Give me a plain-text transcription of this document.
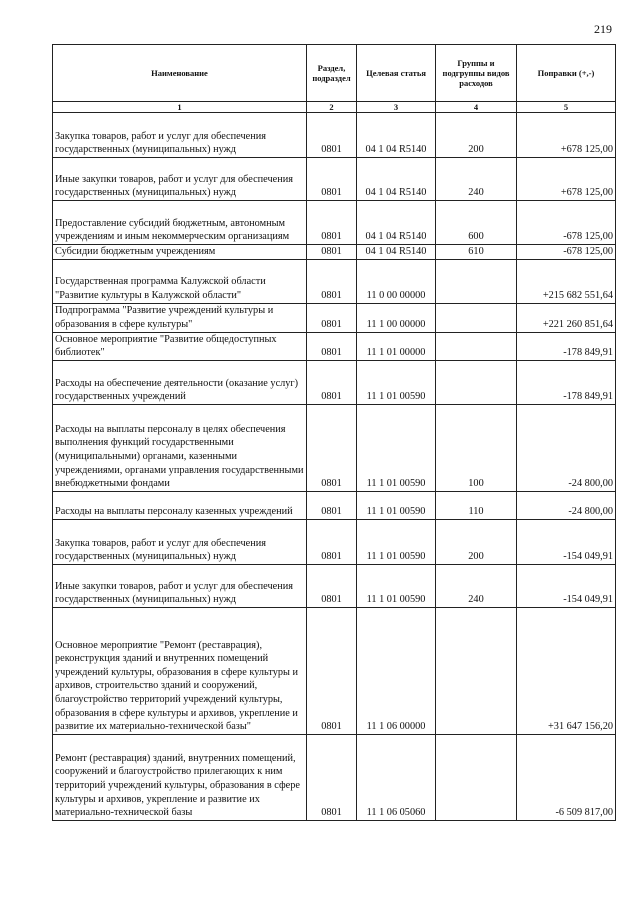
219
Наименование	Раздел, подраздел	Целевая статья	Группы и подгруппы видов расходов	Поправки (+,-)
1	2	3	4	5
Закупка товаров, работ и услуг для обеспечения государственных (муниципальных) нужд	0801	04 1 04 R5140	200	+678 125,00
Иные закупки товаров, работ и услуг для обеспечения государственных (муниципальных) нужд	0801	04 1 04 R5140	240	+678 125,00
Предоставление субсидий бюджетным, автономным учреждениям и иным некоммерческим организациям	0801	04 1 04 R5140	600	-678 125,00
Субсидии бюджетным учреждениям	0801	04 1 04 R5140	610	-678 125,00
Государственная программа Калужской области "Развитие культуры в Калужской области"	0801	11 0 00 00000		+215 682 551,64
Подпрограмма "Развитие учреждений культуры и образования в сфере культуры"	0801	11 1 00 00000		+221 260 851,64
Основное мероприятие "Развитие общедоступных библиотек"	0801	11 1 01 00000		-178 849,91
Расходы на обеспечение деятельности (оказание услуг) государственных учреждений	0801	11 1 01 00590		-178 849,91
Расходы на выплаты персоналу в целях обеспечения выполнения функций государственными (муниципальными) органами, казенными учреждениями, органами управления государственными внебюджетными фондами	0801	11 1 01 00590	100	-24 800,00
Расходы на выплаты персоналу казенных учреждений	0801	11 1 01 00590	110	-24 800,00
Закупка товаров, работ и услуг для обеспечения государственных (муниципальных) нужд	0801	11 1 01 00590	200	-154 049,91
Иные закупки товаров, работ и услуг для обеспечения государственных (муниципальных) нужд	0801	11 1 01 00590	240	-154 049,91
Основное мероприятие "Ремонт (реставрация), реконструкция зданий и внутренних помещений учреждений культуры, образования в сфере культуры и архивов, строительство зданий и сооружений, благоустройство территорий учреждений культуры, образования в сфере культуры и архивов, укрепление и развитие их материально-технической базы"	0801	11 1 06 00000		+31 647 156,20
Ремонт (реставрация) зданий, внутренних помещений, сооружений и благоустройство прилегающих к ним территорий учреждений культуры, образования в сфере культуры и архивов, укрепление и развитие их материально-технической базы	0801	11 1 06 05060		-6 509 817,00
